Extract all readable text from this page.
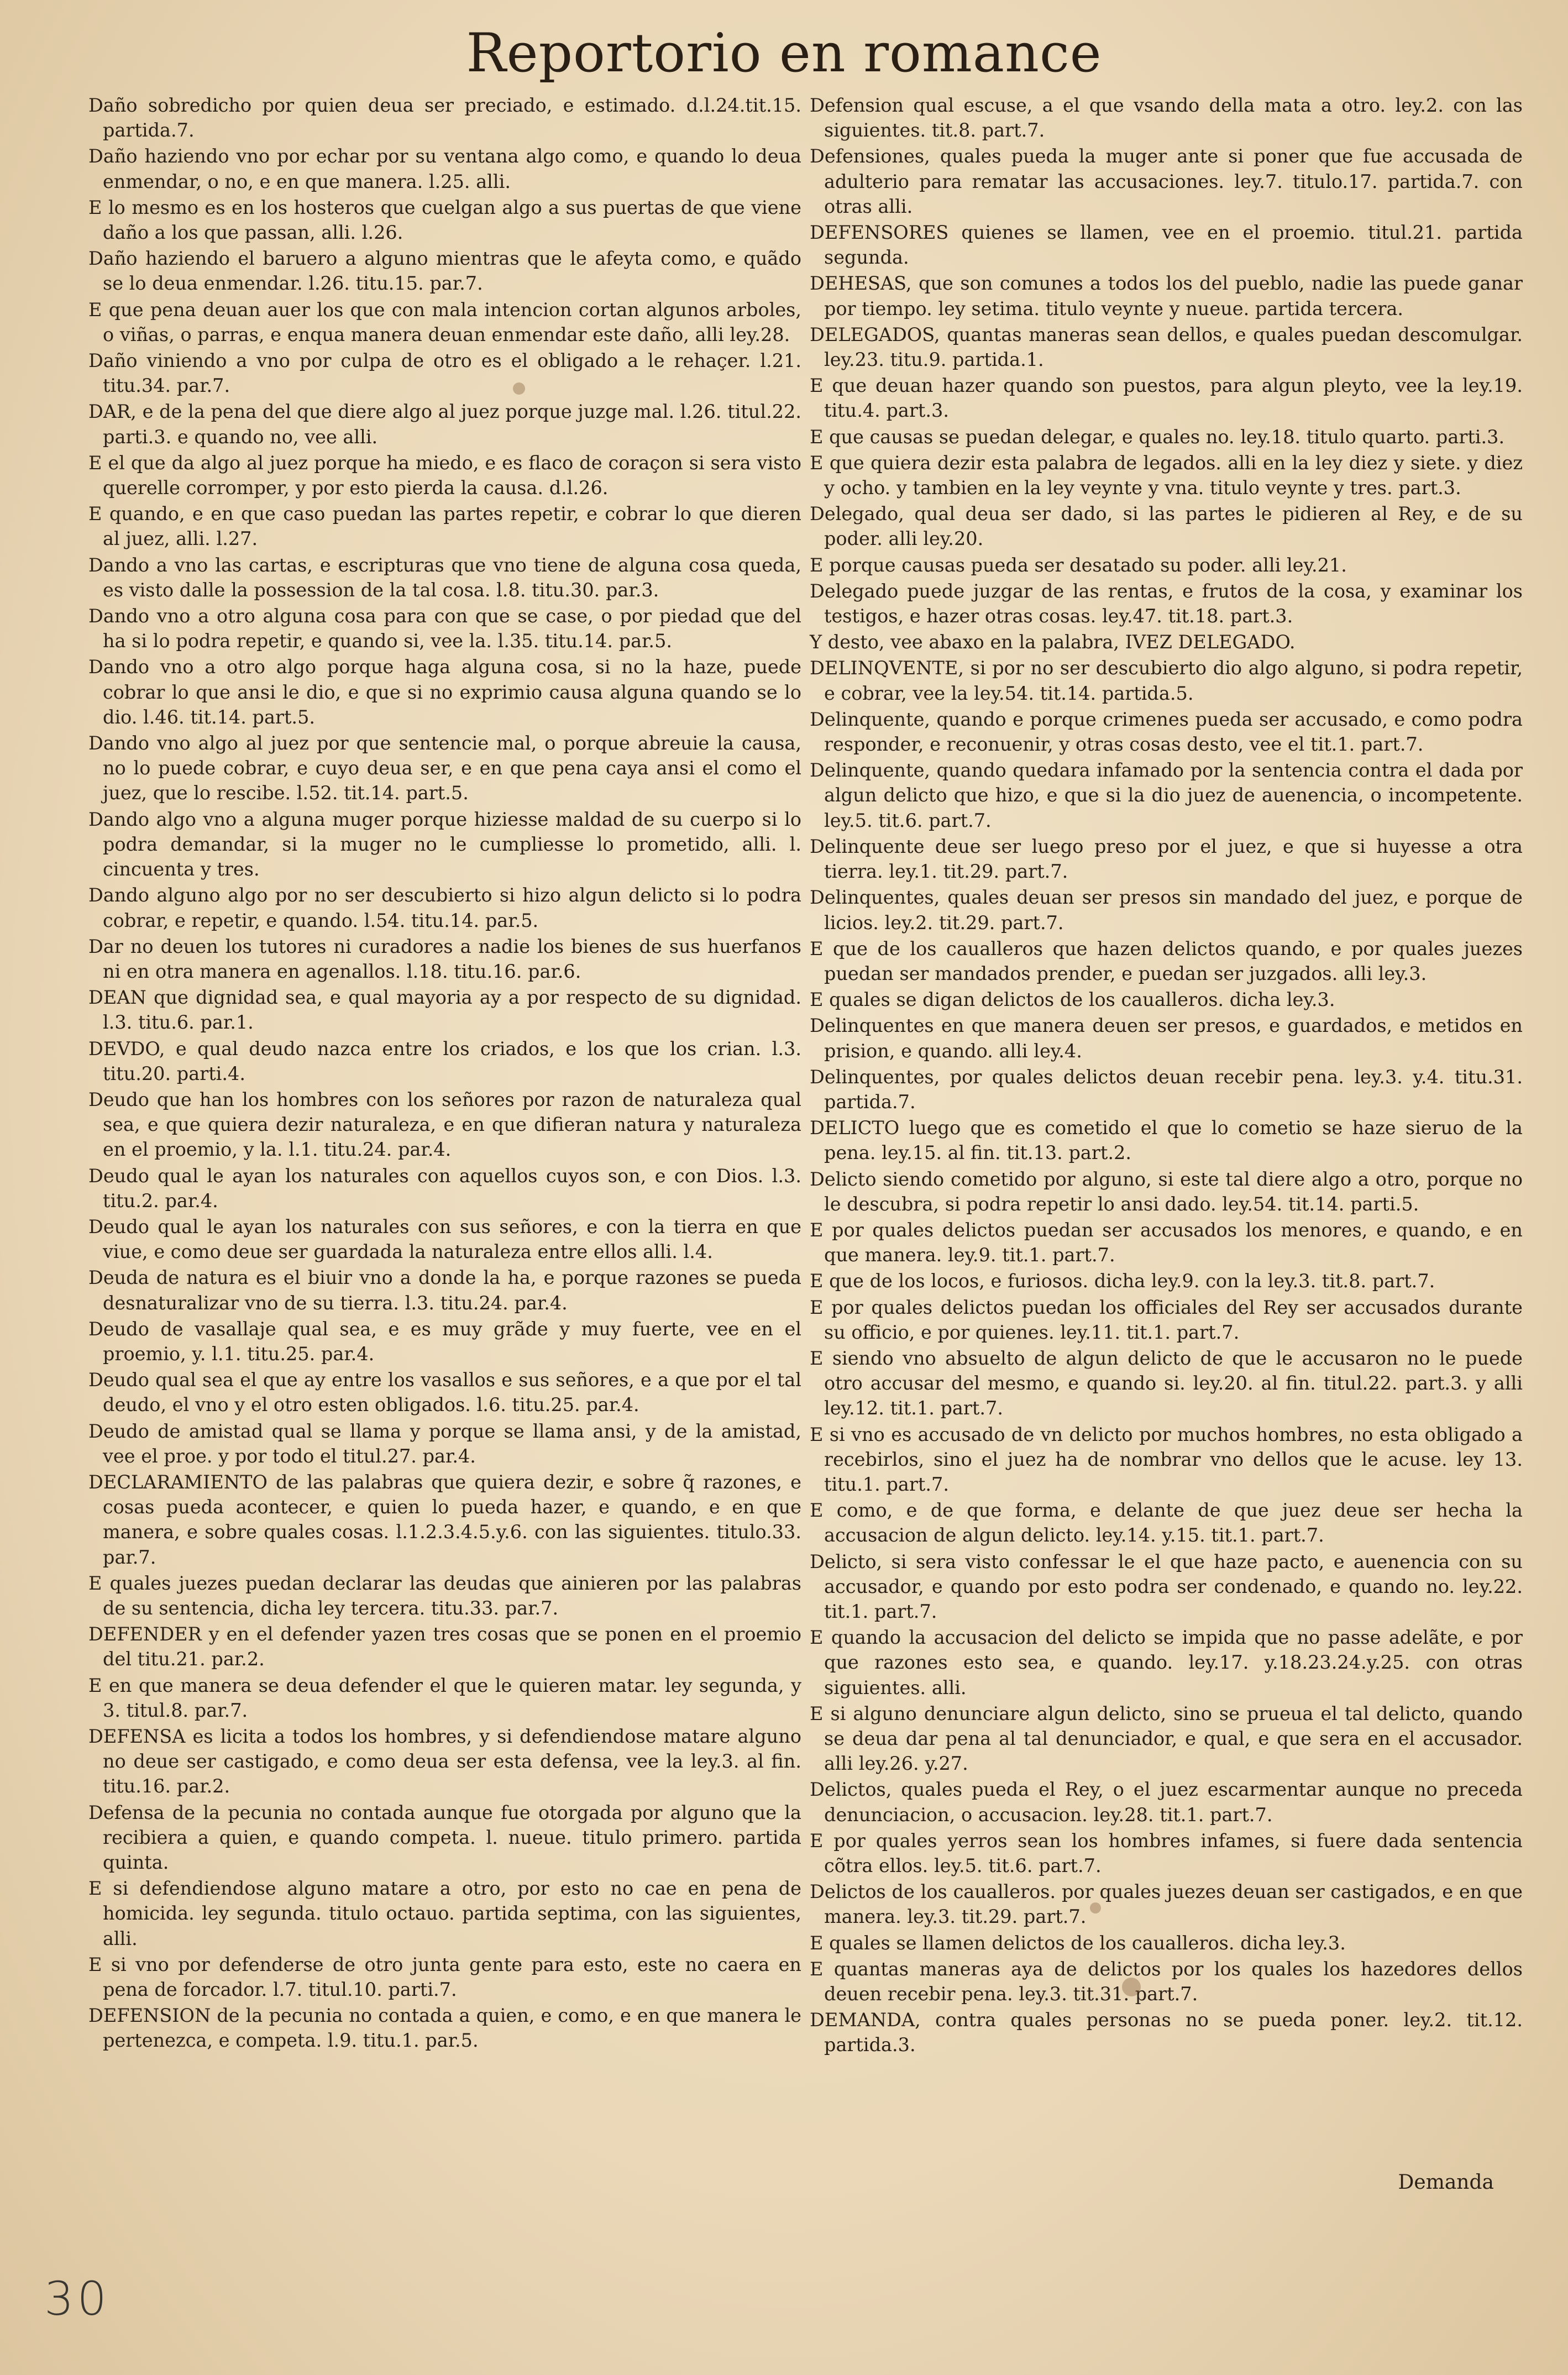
Reportorio en romance
Daño sobredicho por quien deua ser preciado, e estimado. d.l.24.tit.15. partida.7.
Daño haziendo vno por echar por su ventana algo como, e quando lo deua enmendar, o no, e en que manera. l.25. alli.
E lo mesmo es en los hosteros que cuelgan algo a sus puertas de que viene daño a los que passan, alli. l.26.
Daño haziendo el baruero a alguno mientras que le afeyta como, e quãdo se lo deua enmendar. l.26. titu.15. par.7.
E que pena deuan auer los que con mala intencion cortan algunos arboles, o viñas, o parras, e enqua manera deuan enmendar este daño, alli ley.28.
Daño viniendo a vno por culpa de otro es el obligado a le rehaçer. l.21. titu.34. par.7.
DAR, e de la pena del que diere algo al juez porque juzge mal. l.26. titul.22. parti.3. e quando no, vee alli.
E el que da algo al juez porque ha miedo, e es flaco de coraçon si sera visto querelle corromper, y por esto pierda la causa. d.l.26.
E quando, e en que caso puedan las partes repetir, e cobrar lo que dieren al juez, alli. l.27.
Dando a vno las cartas, e escripturas que vno tiene de alguna cosa queda, es visto dalle la possession de la tal cosa. l.8. titu.30. par.3.
Dando vno a otro alguna cosa para con que se case, o por piedad que del ha si lo podra repetir, e quando si, vee la. l.35. titu.14. par.5.
Dando vno a otro algo porque haga alguna cosa, si no la haze, puede cobrar lo que ansi le dio, e que si no exprimio causa alguna quando se lo dio. l.46. tit.14. part.5.
Dando vno algo al juez por que sentencie mal, o porque abreuie la causa, no lo puede cobrar, e cuyo deua ser, e en que pena caya ansi el como el juez, que lo rescibe. l.52. tit.14. part.5.
Dando algo vno a alguna muger porque hiziesse maldad de su cuerpo si lo podra demandar, si la muger no le cumpliesse lo prometido, alli. l. cincuenta y tres.
Dando alguno algo por no ser descubierto si hizo algun delicto si lo podra cobrar, e repetir, e quando. l.54. titu.14. par.5.
Dar no deuen los tutores ni curadores a nadie los bienes de sus huerfanos ni en otra manera en agenallos. l.18. titu.16. par.6.
DEAN que dignidad sea, e qual mayoria ay a por respecto de su dignidad. l.3. titu.6. par.1.
DEVDO, e qual deudo nazca entre los criados, e los que los crian. l.3. titu.20. parti.4.
Deudo que han los hombres con los señores por razon de naturaleza qual sea, e que quiera dezir naturaleza, e en que difieran natura y naturaleza en el proemio, y la. l.1. titu.24. par.4.
Deudo qual le ayan los naturales con aquellos cuyos son, e con Dios. l.3. titu.2. par.4.
Deudo qual le ayan los naturales con sus señores, e con la tierra en que viue, e como deue ser guardada la naturaleza entre ellos alli. l.4.
Deuda de natura es el biuir vno a donde la ha, e porque razones se pueda desnaturalizar vno de su tierra. l.3. titu.24. par.4.
Deudo de vasallaje qual sea, e es muy grãde y muy fuerte, vee en el proemio, y. l.1. titu.25. par.4.
Deudo qual sea el que ay entre los vasallos e sus señores, e a que por el tal deudo, el vno y el otro esten obligados. l.6. titu.25. par.4.
Deudo de amistad qual se llama y porque se llama ansi, y de la amistad, vee el proe. y por todo el titul.27. par.4.
DECLARAMIENTO de las palabras que quiera dezir, e sobre q̃ razones, e cosas pueda acontecer, e quien lo pueda hazer, e quando, e en que manera, e sobre quales cosas. l.1.2.3.4.5.y.6. con las siguientes. titulo.33. par.7.
E quales juezes puedan declarar las deudas que ainieren por las palabras de su sentencia, dicha ley tercera. titu.33. par.7.
DEFENDER y en el defender yazen tres cosas que se ponen en el proemio del titu.21. par.2.
E en que manera se deua defender el que le quieren matar. ley segunda, y 3. titul.8. par.7.
DEFENSA es licita a todos los hombres, y si defendiendose matare alguno no deue ser castigado, e como deua ser esta defensa, vee la ley.3. al fin. titu.16. par.2.
Defensa de la pecunia no contada aunque fue otorgada por alguno que la recibiera a quien, e quando competa. l. nueue. titulo primero. partida quinta.
E si defendiendose alguno matare a otro, por esto no cae en pena de homicida. ley segunda. titulo octauo. partida septima, con las siguientes, alli.
E si vno por defenderse de otro junta gente para esto, este no caera en pena de forcador. l.7. titul.10. parti.7.
DEFENSION de la pecunia no contada a quien, e como, e en que manera le pertenezca, e competa. l.9. titu.1. par.5.
Defension qual escuse, a el que vsando della mata a otro. ley.2. con las siguientes. tit.8. part.7.
Defensiones, quales pueda la muger ante si poner que fue accusada de adulterio para rematar las accusaciones. ley.7. titulo.17. partida.7. con otras alli.
DEFENSORES quienes se llamen, vee en el proemio. titul.21. partida segunda.
DEHESAS, que son comunes a todos los del pueblo, nadie las puede ganar por tiempo. ley setima. titulo veynte y nueue. partida tercera.
DELEGADOS, quantas maneras sean dellos, e quales puedan descomulgar. ley.23. titu.9. partida.1.
E que deuan hazer quando son puestos, para algun pleyto, vee la ley.19. titu.4. part.3.
E que causas se puedan delegar, e quales no. ley.18. titulo quarto. parti.3.
E que quiera dezir esta palabra de legados. alli en la ley diez y siete. y diez y ocho. y tambien en la ley veynte y vna. titulo veynte y tres. part.3.
Delegado, qual deua ser dado, si las partes le pidieren al Rey, e de su poder. alli ley.20.
E porque causas pueda ser desatado su poder. alli ley.21.
Delegado puede juzgar de las rentas, e frutos de la cosa, y examinar los testigos, e hazer otras cosas. ley.47. tit.18. part.3.
Y desto, vee abaxo en la palabra, IVEZ DELEGADO.
DELINQVENTE, si por no ser descubierto dio algo alguno, si podra repetir, e cobrar, vee la ley.54. tit.14. partida.5.
Delinquente, quando e porque crimenes pueda ser accusado, e como podra responder, e reconuenir, y otras cosas desto, vee el tit.1. part.7.
Delinquente, quando quedara infamado por la sentencia contra el dada por algun delicto que hizo, e que si la dio juez de auenencia, o incompetente. ley.5. tit.6. part.7.
Delinquente deue ser luego preso por el juez, e que si huyesse a otra tierra. ley.1. tit.29. part.7.
Delinquentes, quales deuan ser presos sin mandado del juez, e porque de licios. ley.2. tit.29. part.7.
E que de los caualleros que hazen delictos quando, e por quales juezes puedan ser mandados prender, e puedan ser juzgados. alli ley.3.
E quales se digan delictos de los caualleros. dicha ley.3.
Delinquentes en que manera deuen ser presos, e guardados, e metidos en prision, e quando. alli ley.4.
Delinquentes, por quales delictos deuan recebir pena. ley.3. y.4. titu.31. partida.7.
DELICTO luego que es cometido el que lo cometio se haze sieruo de la pena. ley.15. al fin. tit.13. part.2.
Delicto siendo cometido por alguno, si este tal diere algo a otro, porque no le descubra, si podra repetir lo ansi dado. ley.54. tit.14. parti.5.
E por quales delictos puedan ser accusados los menores, e quando, e en que manera. ley.9. tit.1. part.7.
E que de los locos, e furiosos. dicha ley.9. con la ley.3. tit.8. part.7.
E por quales delictos puedan los officiales del Rey ser accusados durante su officio, e por quienes. ley.11. tit.1. part.7.
E siendo vno absuelto de algun delicto de que le accusaron no le puede otro accusar del mesmo, e quando si. ley.20. al fin. titul.22. part.3. y alli ley.12. tit.1. part.7.
E si vno es accusado de vn delicto por muchos hombres, no esta obligado a recebirlos, sino el juez ha de nombrar vno dellos que le acuse. ley 13. titu.1. part.7.
E como, e de que forma, e delante de que juez deue ser hecha la accusacion de algun delicto. ley.14. y.15. tit.1. part.7.
Delicto, si sera visto confessar le el que haze pacto, e auenencia con su accusador, e quando por esto podra ser condenado, e quando no. ley.22. tit.1. part.7.
E quando la accusacion del delicto se impida que no passe adelãte, e por que razones esto sea, e quando. ley.17. y.18.23.24.y.25. con otras siguientes. alli.
E si alguno denunciare algun delicto, sino se prueua el tal delicto, quando se deua dar pena al tal denunciador, e qual, e que sera en el accusador. alli ley.26. y.27.
Delictos, quales pueda el Rey, o el juez escarmentar aunque no preceda denunciacion, o accusacion. ley.28. tit.1. part.7.
E por quales yerros sean los hombres infames, si fuere dada sentencia cõtra ellos. ley.5. tit.6. part.7.
Delictos de los caualleros. por quales juezes deuan ser castigados, e en que manera. ley.3. tit.29. part.7.
E quales se llamen delictos de los caualleros. dicha ley.3.
E quantas maneras aya de delictos por los quales los hazedores dellos deuen recebir pena. ley.3. tit.31. part.7.
DEMANDA, contra quales personas no se pueda poner. ley.2. tit.12. partida.3.
Demanda
30
